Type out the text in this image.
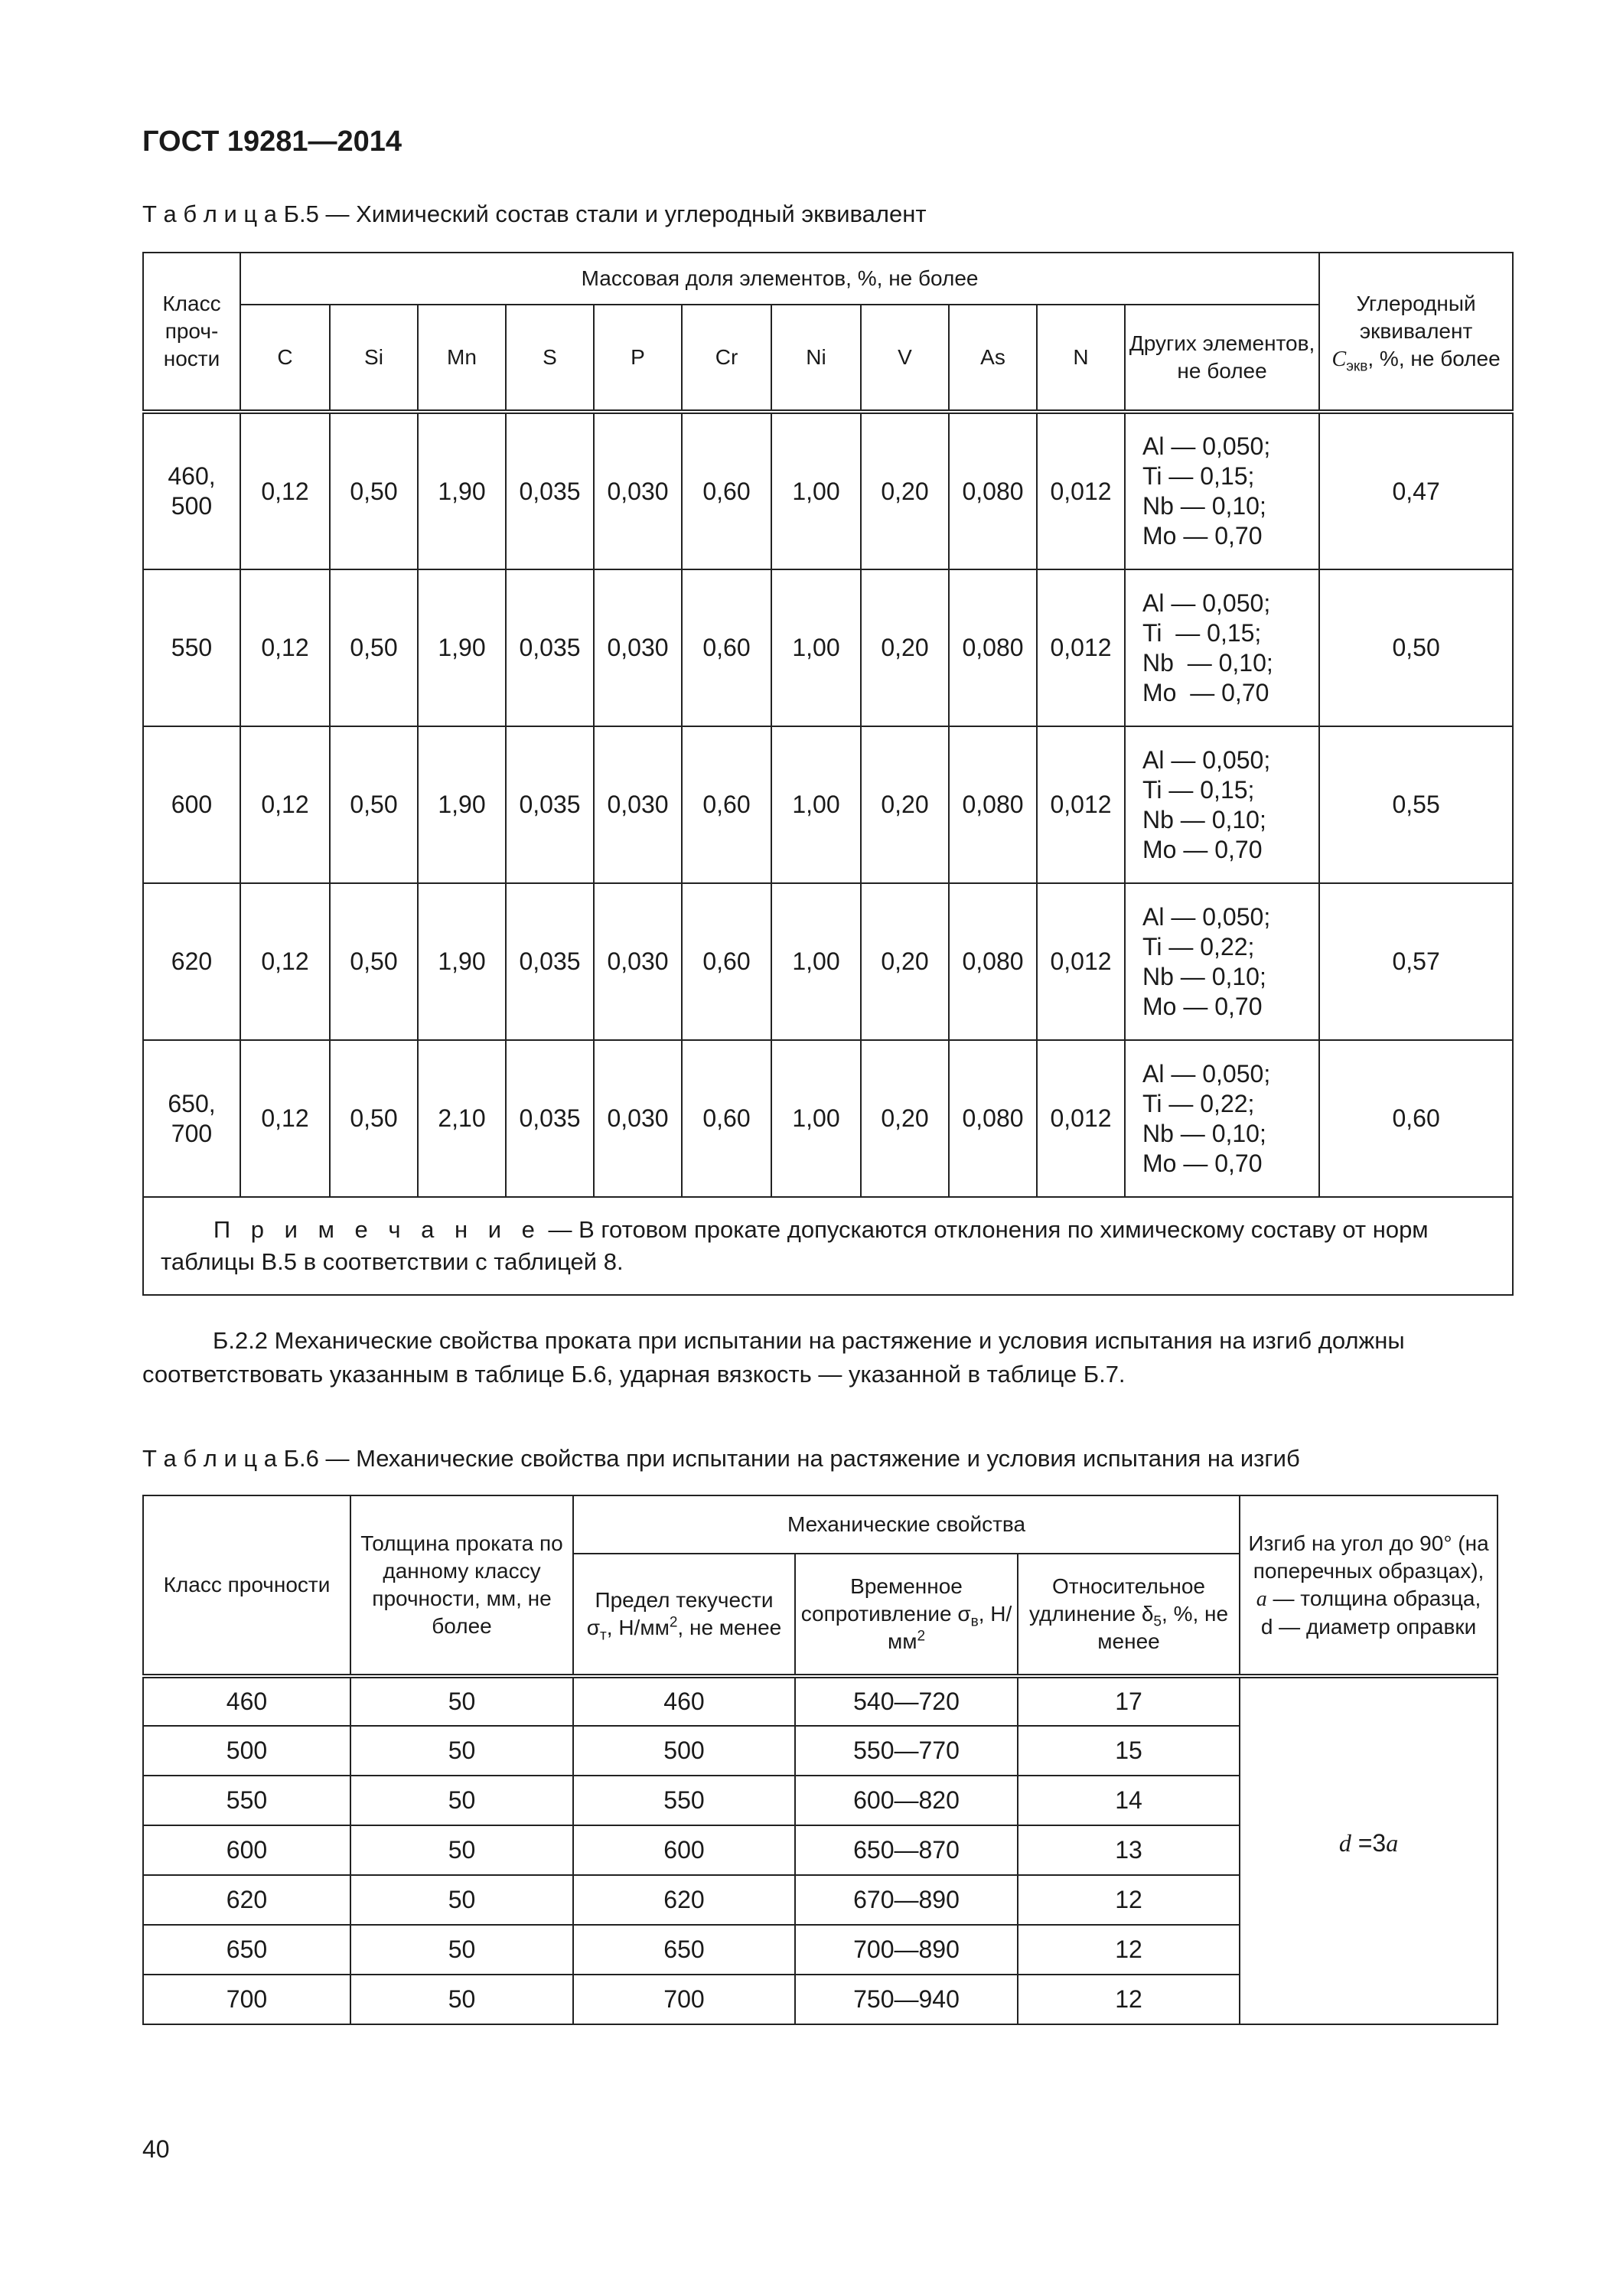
ГОСТ 19281—2014
Т а б л и ц а Б.5 — Химический состав стали и углеродный эквивалент
Класс проч-ности	Массовая доля элементов, %, не более											Углеродный эквивалент
$С_{экв}$, %, не более
	C	Si	Mn	S	P	Cr	Ni	V	As	N	Других элементов, не более	
460, 500	0,12	0,50	1,90	0,035	0,030	0,60	1,00	0,20	0,080	0,012	Al — 0,050;
Ti — 0,15;
Nb — 0,10;
Mo — 0,70	0,47
550	0,12	0,50	1,90	0,035	0,030	0,60	1,00	0,20	0,080	0,012	Al — 0,050;
Ti  — 0,15;
Nb  — 0,10;
Mo  — 0,70	0,50
600	0,12	0,50	1,90	0,035	0,030	0,60	1,00	0,20	0,080	0,012	Al — 0,050;
Ti — 0,15;
Nb — 0,10;
Mo — 0,70	0,55
620	0,12	0,50	1,90	0,035	0,030	0,60	1,00	0,20	0,080	0,012	Al — 0,050;
Ti — 0,22;
Nb — 0,10;
Mo — 0,70	0,57
650, 700	0,12	0,50	2,10	0,035	0,030	0,60	1,00	0,20	0,080	0,012	Al — 0,050;
Ti — 0,22;
Nb — 0,10;
Mo — 0,70	0,60
П р и м е ч а н и е — В готовом прокате допускаются отклонения по химическому составу от норм таблицы В.5 в соответствии с таблицей 8.												
Б.2.2 Механические свойства проката при испытании на растяжение и условия испытания на изгиб должны соответствовать указанным в таблице Б.6, ударная вязкость — указанной в таблице Б.7.
Т а б л и ц а Б.6 — Механические свойства при испытании на растяжение и условия испытания на изгиб
Класс прочности	Толщина проката по данному классу прочности, мм, не более	Механические свойства			Изгиб на угол до 90° (на поперечных образцах),
а — толщина образца,
d — диаметр оправки
		Предел текучести
$\sigma_т$, $Н/мм^2$, не менее	Временное сопротивление $\sigma_в$, $Н/мм^2$	Относительное удлинение $\delta_5$, %, не менее	
460	50	460	540—720	17	d =3a
500	50	500	550—770	15	
550	50	550	600—820	14	
600	50	600	650—870	13	
620	50	620	670—890	12	
650	50	650	700—890	12	
700	50	700	750—940	12	
40
